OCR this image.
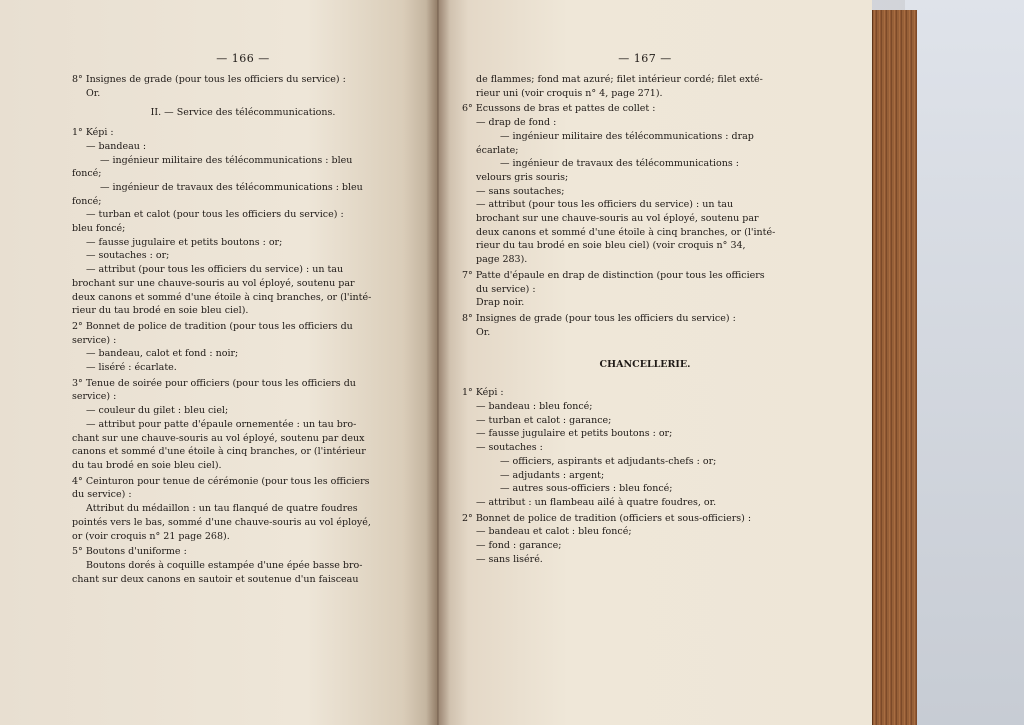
— 166 —

8° Insignes de grade (pour tous les officiers du service) :

Or.

II. — Service des télécommunications.

1° Képi :

— bandeau :

— ingénieur militaire des télécommunications : bleu

foncé;

— ingénieur de travaux des télécommunications : bleu

foncé;

— turban et calot (pour tous les officiers du service) :

bleu foncé;

— fausse jugulaire et petits boutons : or;

— soutaches : or;

— attribut (pour tous les officiers du service) : un tau

brochant sur une chauve-souris au vol éployé, soutenu par

deux canons et sommé d'une étoile à cinq branches, or (l'inté-

rieur du tau brodé en soie bleu ciel).

2° Bonnet de police de tradition (pour tous les officiers du

service) :

— bandeau, calot et fond : noir;

— liséré : écarlate.

3° Tenue de soirée pour officiers (pour tous les officiers du

service) :

— couleur du gilet : bleu ciel;

— attribut pour patte d'épaule ornementée : un tau bro-

chant sur une chauve-souris au vol éployé, soutenu par deux

canons et sommé d'une étoile à cinq branches, or (l'intérieur

du tau brodé en soie bleu ciel).

4° Ceinturon pour tenue de cérémonie (pour tous les officiers

du service) :

Attribut du médaillon : un tau flanqué de quatre foudres

pointés vers le bas, sommé d'une chauve-souris au vol éployé,

or (voir croquis n° 21 page 268).

5° Boutons d'uniforme :

Boutons dorés à coquille estampée d'une épée basse bro-

chant sur deux canons en sautoir et soutenue d'un faisceau

— 167 —

de flammes; fond mat azuré; filet intérieur cordé; filet exté-

rieur uni (voir croquis n° 4, page 271).

6° Ecussons de bras et pattes de collet :

— drap de fond :

— ingénieur militaire des télécommunications : drap

écarlate;

— ingénieur de travaux des télécommunications :

velours gris souris;

— sans soutaches;

— attribut (pour tous les officiers du service) : un tau

brochant sur une chauve-souris au vol éployé, soutenu par

deux canons et sommé d'une étoile à cinq branches, or (l'inté-

rieur du tau brodé en soie bleu ciel) (voir croquis n° 34,

page 283).

7° Patte d'épaule en drap de distinction (pour tous les officiers

du service) :

Drap noir.

8° Insignes de grade (pour tous les officiers du service) :

Or.

CHANCELLERIE.

1° Képi :

— bandeau : bleu foncé;

— turban et calot : garance;

— fausse jugulaire et petits boutons : or;

— soutaches :

— officiers, aspirants et adjudants-chefs : or;

— adjudants : argent;

— autres sous-officiers : bleu foncé;

— attribut : un flambeau ailé à quatre foudres, or.

2° Bonnet de police de tradition (officiers et sous-officiers) :

— bandeau et calot : bleu foncé;

— fond : garance;

— sans liséré.
